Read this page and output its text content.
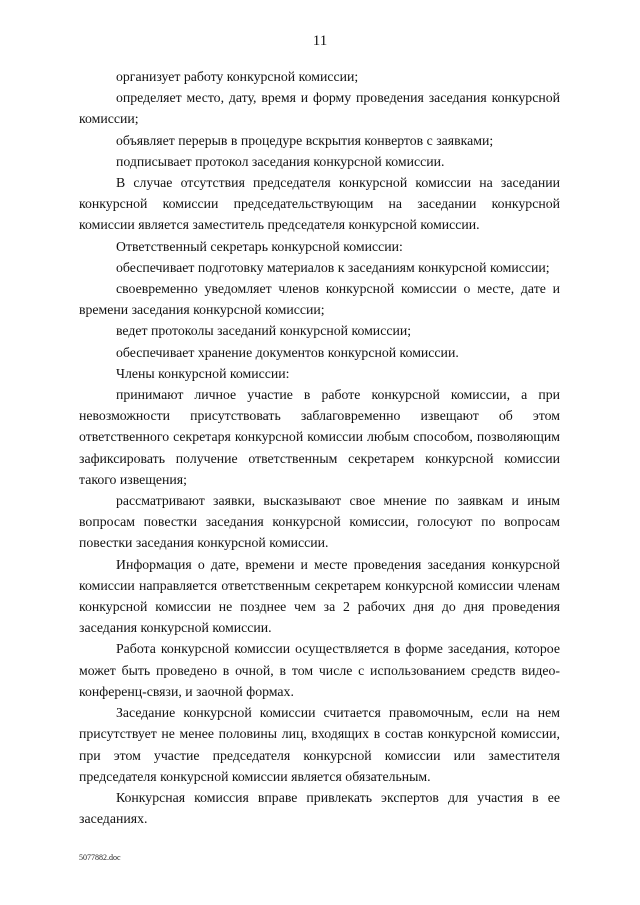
11

организует работу конкурсной комиссии;

определяет место, дату, время и форму проведения заседания конкурсной комиссии;

объявляет перерыв в процедуре вскрытия конвертов с заявками;

подписывает протокол заседания конкурсной комиссии.

В случае отсутствия председателя конкурсной комиссии на заседании конкурсной комиссии председательствующим на заседании конкурсной комиссии является заместитель председателя конкурсной комиссии.

Ответственный секретарь конкурсной комиссии:

обеспечивает подготовку материалов к заседаниям конкурсной комиссии;

своевременно уведомляет членов конкурсной комиссии о месте, дате и времени заседания конкурсной комиссии;

ведет протоколы заседаний конкурсной комиссии;

обеспечивает хранение документов конкурсной комиссии.

Члены конкурсной комиссии:

принимают личное участие в работе конкурсной комиссии, а при невозможности присутствовать заблаговременно извещают об этом ответственного секретаря конкурсной комиссии любым способом, позволяющим зафиксировать получение ответственным секретарем конкурсной комиссии такого извещения;

рассматривают заявки, высказывают свое мнение по заявкам и иным вопросам повестки заседания конкурсной комиссии, голосуют по вопросам повестки заседания конкурсной комиссии.

Информация о дате, времени и месте проведения заседания конкурсной комиссии направляется ответственным секретарем конкурсной комиссии членам конкурсной комиссии не позднее чем за 2 рабочих дня до дня проведения заседания конкурсной комиссии.

Работа конкурсной комиссии осуществляется в форме заседания, которое может быть проведено в очной, в том числе с использованием средств видео-конференц-связи, и заочной формах.

Заседание конкурсной комиссии считается правомочным, если на нем присутствует не менее половины лиц, входящих в состав конкурсной комиссии, при этом участие председателя конкурсной комиссии или заместителя председателя конкурсной комиссии является обязательным.

Конкурсная комиссия вправе привлекать экспертов для участия в ее заседаниях.

5077882.doc
